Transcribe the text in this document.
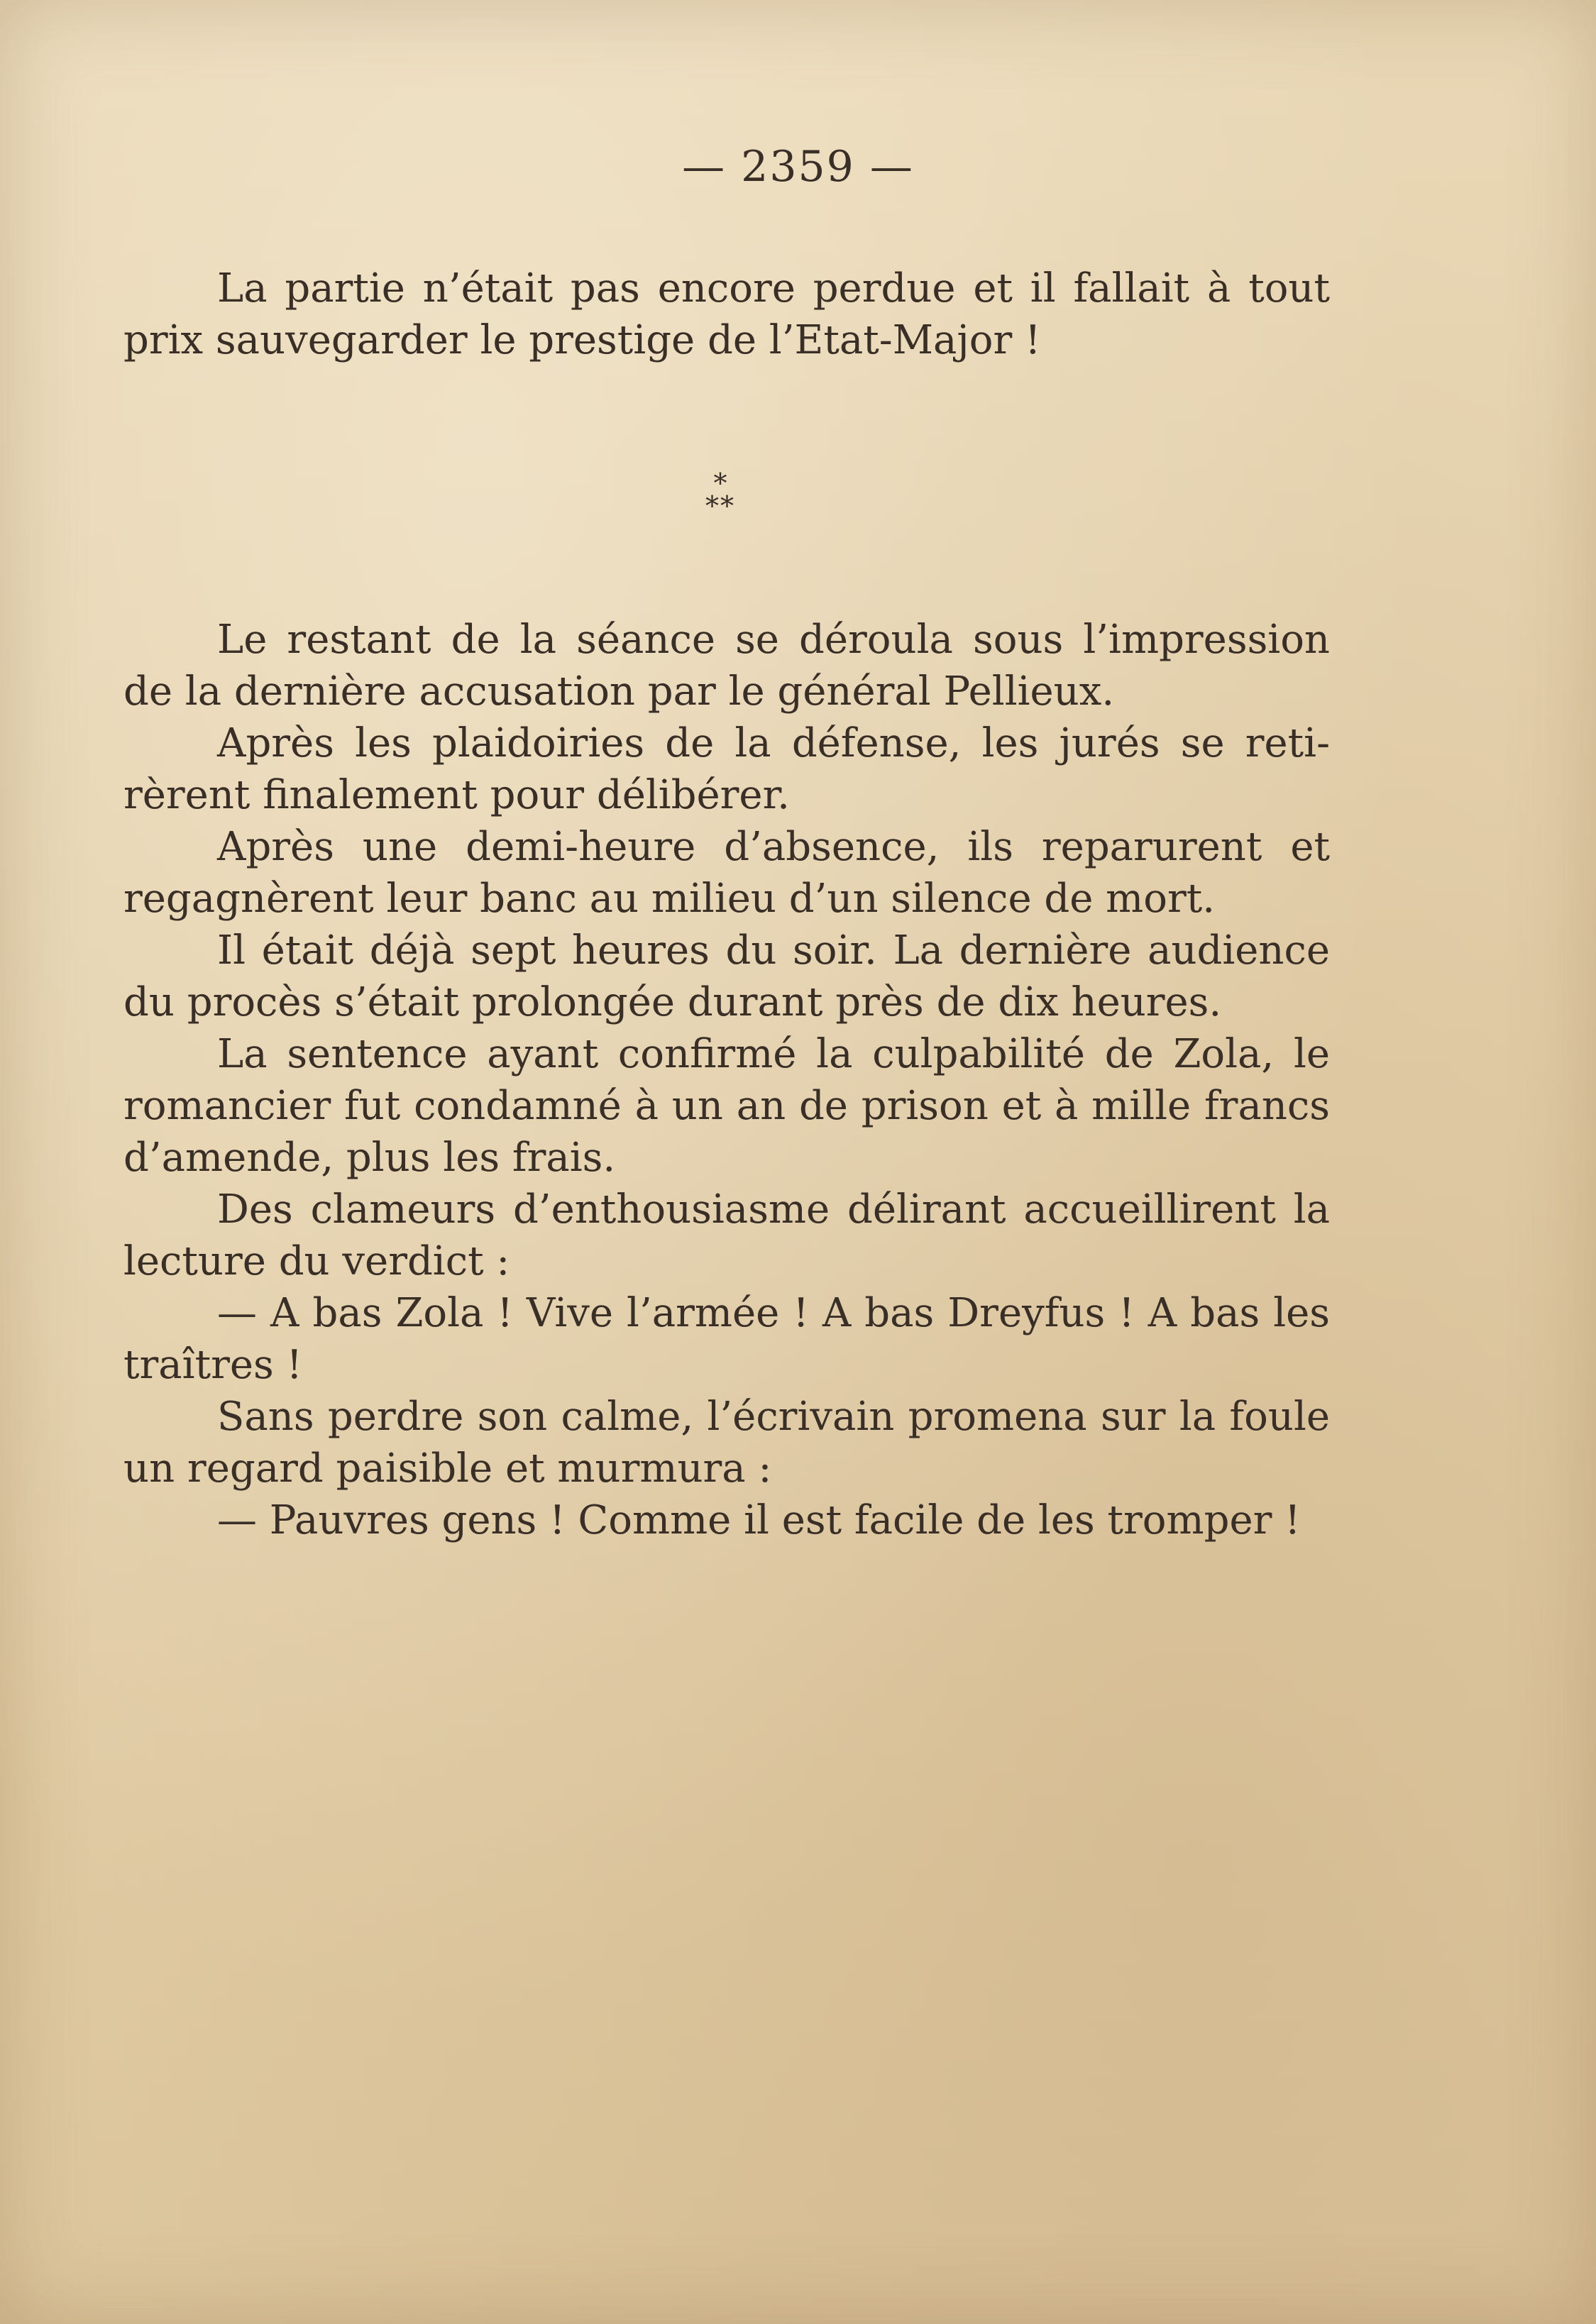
— 2359 —

La partie n’était pas encore perdue et il fallait à tout prix sauvegarder le prestige de l’Etat-Major !

*
**

Le restant de la séance se déroula sous l’impression de la dernière accusation par le général Pellieux.

Après les plaidoiries de la défense, les jurés se retirèrent finalement pour délibérer.

Après une demi-heure d’absence, ils reparurent et regagnèrent leur banc au milieu d’un silence de mort.

Il était déjà sept heures du soir. La dernière audience du procès s’était prolongée durant près de dix heures.

La sentence ayant confirmé la culpabilité de Zola, le romancier fut condamné à un an de prison et à mille francs d’amende, plus les frais.

Des clameurs d’enthousiasme délirant accueillirent la lecture du verdict :

— A bas Zola ! Vive l’armée ! A bas Dreyfus ! A bas les traîtres !

Sans perdre son calme, l’écrivain promena sur la foule un regard paisible et murmura :

— Pauvres gens ! Comme il est facile de les tromper !
